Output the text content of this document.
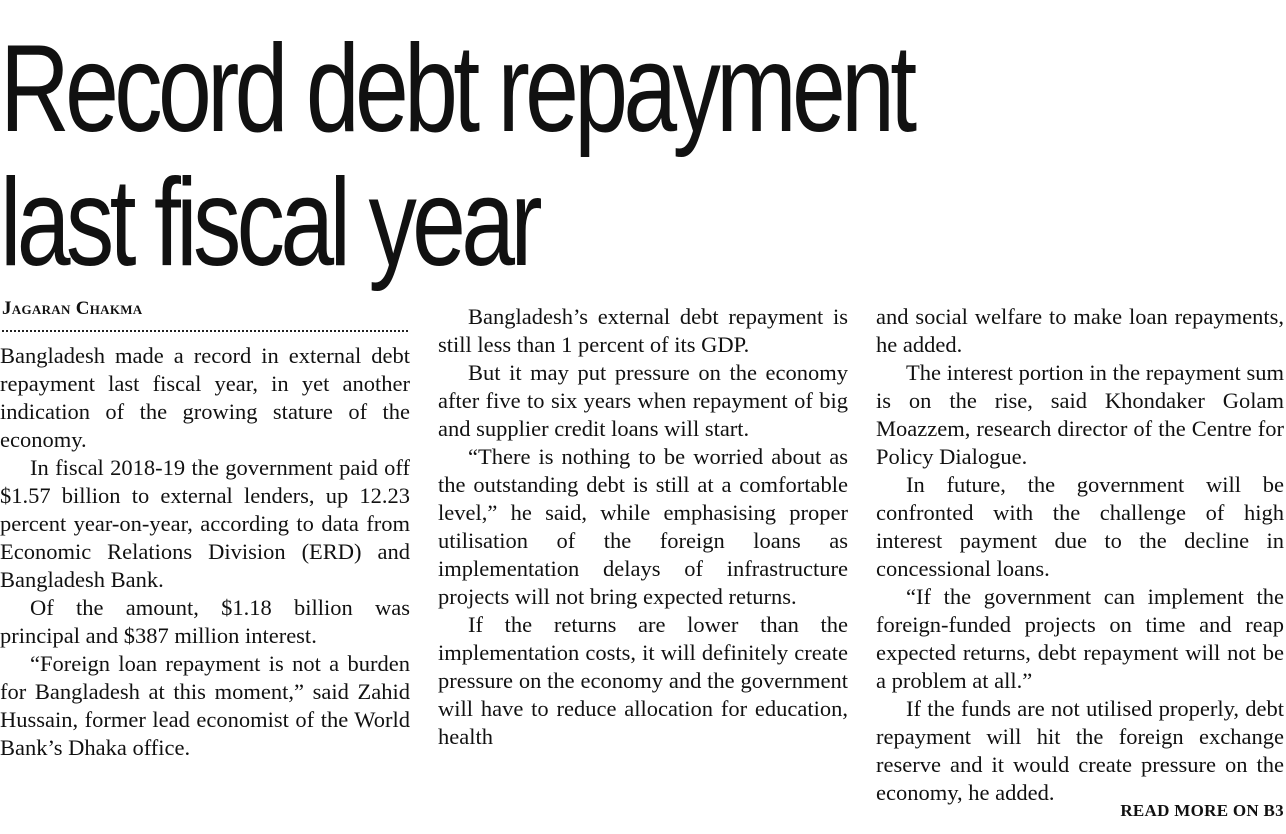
Record debt repayment
last fiscal year
Jagaran Chakma

Bangladesh made a record in external debt repayment last fiscal year, in yet another indication of the growing stature of the economy.

In fiscal 2018-19 the government paid off $1.57 billion to external lenders, up 12.23 percent year-on-year, according to data from Economic Relations Division (ERD) and Bangladesh Bank.

Of the amount, $1.18 billion was principal and $387 million interest.

“Foreign loan repayment is not a burden for Bangladesh at this moment,” said Zahid Hussain, former lead economist of the World Bank’s Dhaka office.

Bangladesh’s external debt repayment is still less than 1 percent of its GDP.

But it may put pressure on the economy after five to six years when repayment of big and supplier credit loans will start.

“There is nothing to be worried about as the outstanding debt is still at a comfortable level,” he said, while emphasising proper utilisation of the foreign loans as implementation delays of infrastructure projects will not bring expected returns.

If the returns are lower than the implementation costs, it will definitely create pressure on the economy and the government will have to reduce allocation for education, health

and social welfare to make loan repayments, he added.

The interest portion in the repayment sum is on the rise, said Khondaker Golam Moazzem, research director of the Centre for Policy Dialogue.

In future, the government will be confronted with the challenge of high interest payment due to the decline in concessional loans.

“If the government can implement the foreign-funded projects on time and reap expected returns, debt repayment will not be a problem at all.”

If the funds are not utilised properly, debt repayment will hit the foreign exchange reserve and it would create pressure on the economy, he added.

READ MORE ON B3
